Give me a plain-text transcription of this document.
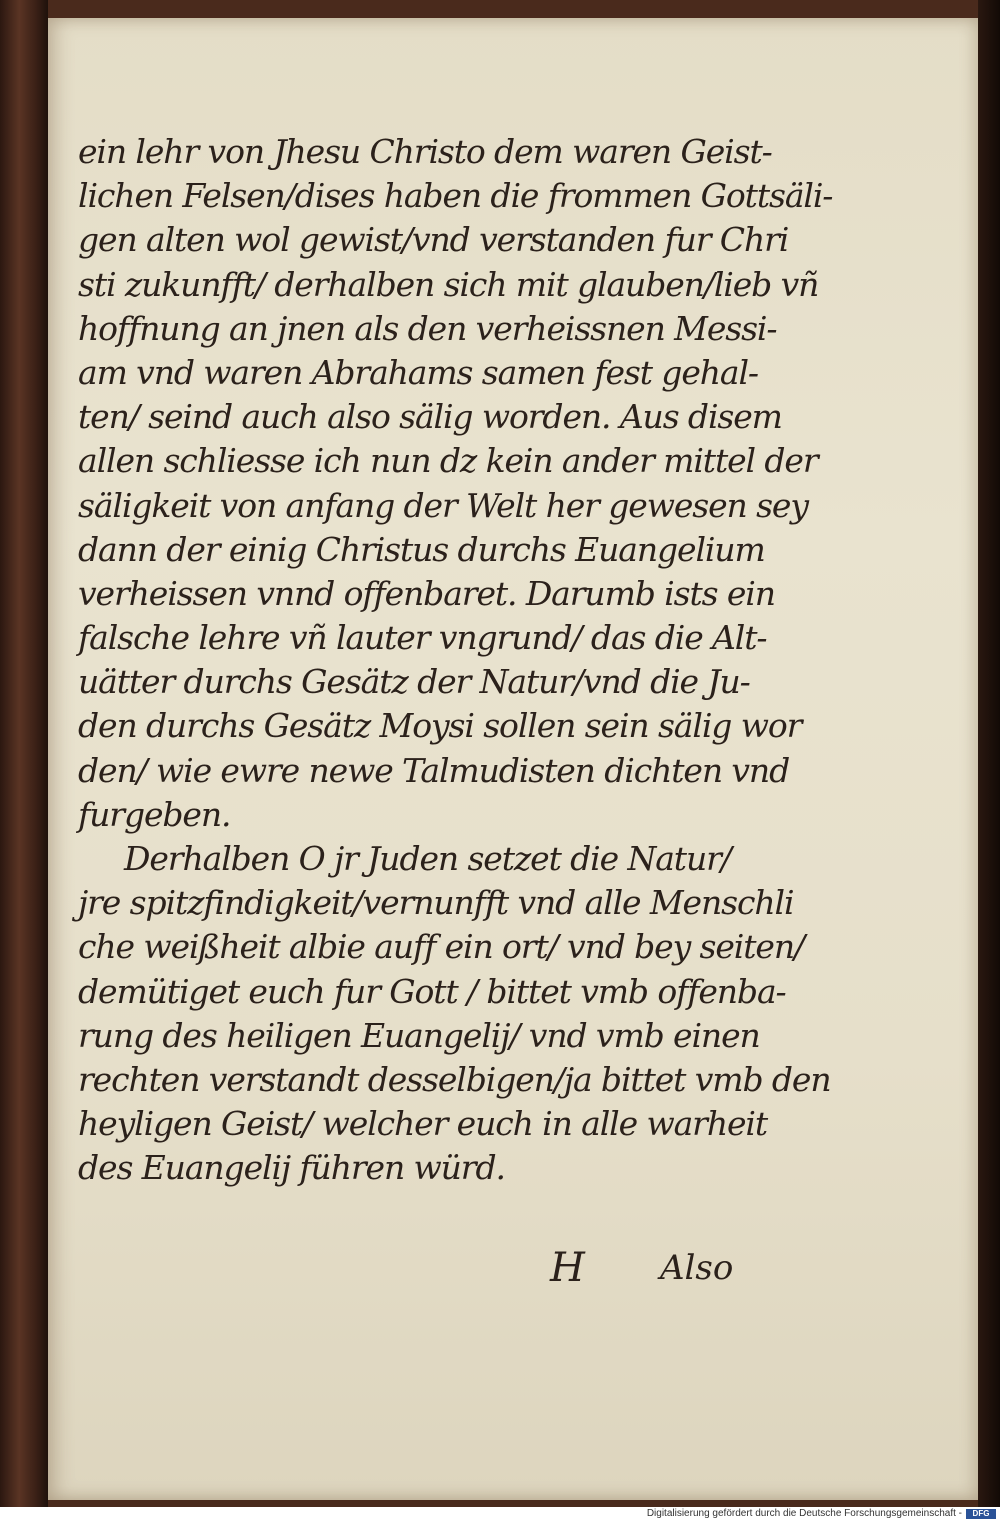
ein lehr von Jhesu Christo dem waren Geist-
lichen Felsen/dises haben die frommen Gottsäli-
gen alten wol gewist/vnd verstanden fur Chri
sti zukunfft/ derhalben sich mit glauben/lieb vñ
hoffnung an jnen als den verheissnen Messi-
am vnd waren Abrahams samen fest gehal-
ten/ seind auch also sälig worden. Aus disem
allen schliesse ich nun dz kein ander mittel der
säligkeit von anfang der Welt her gewesen sey
dann der einig Christus durchs Euangelium
verheissen vnnd offenbaret. Darumb ists ein
falsche lehre vñ lauter vngrund/ das die Alt-
uätter durchs Gesätz der Natur/vnd die Ju-
den durchs Gesätz Moysi sollen sein sälig wor
den/ wie ewre newe Talmudisten dichten vnd
furgeben.
Derhalben O jr Juden setzet die Natur/
jre spitzfindigkeit/vernunfft vnd alle Menschli
che weißheit albie auff ein ort/ vnd bey seiten/
demütiget euch fur Gott / bittet vmb offenba-
rung des heiligen Euangelij/ vnd vmb einen
rechten verstandt desselbigen/ja bittet vmb den
heyligen Geist/ welcher euch in alle warheit
des Euangelij führen würd.
H Also
Digitalisierung gefördert durch die Deutsche Forschungsgemeinschaft -	DFG
